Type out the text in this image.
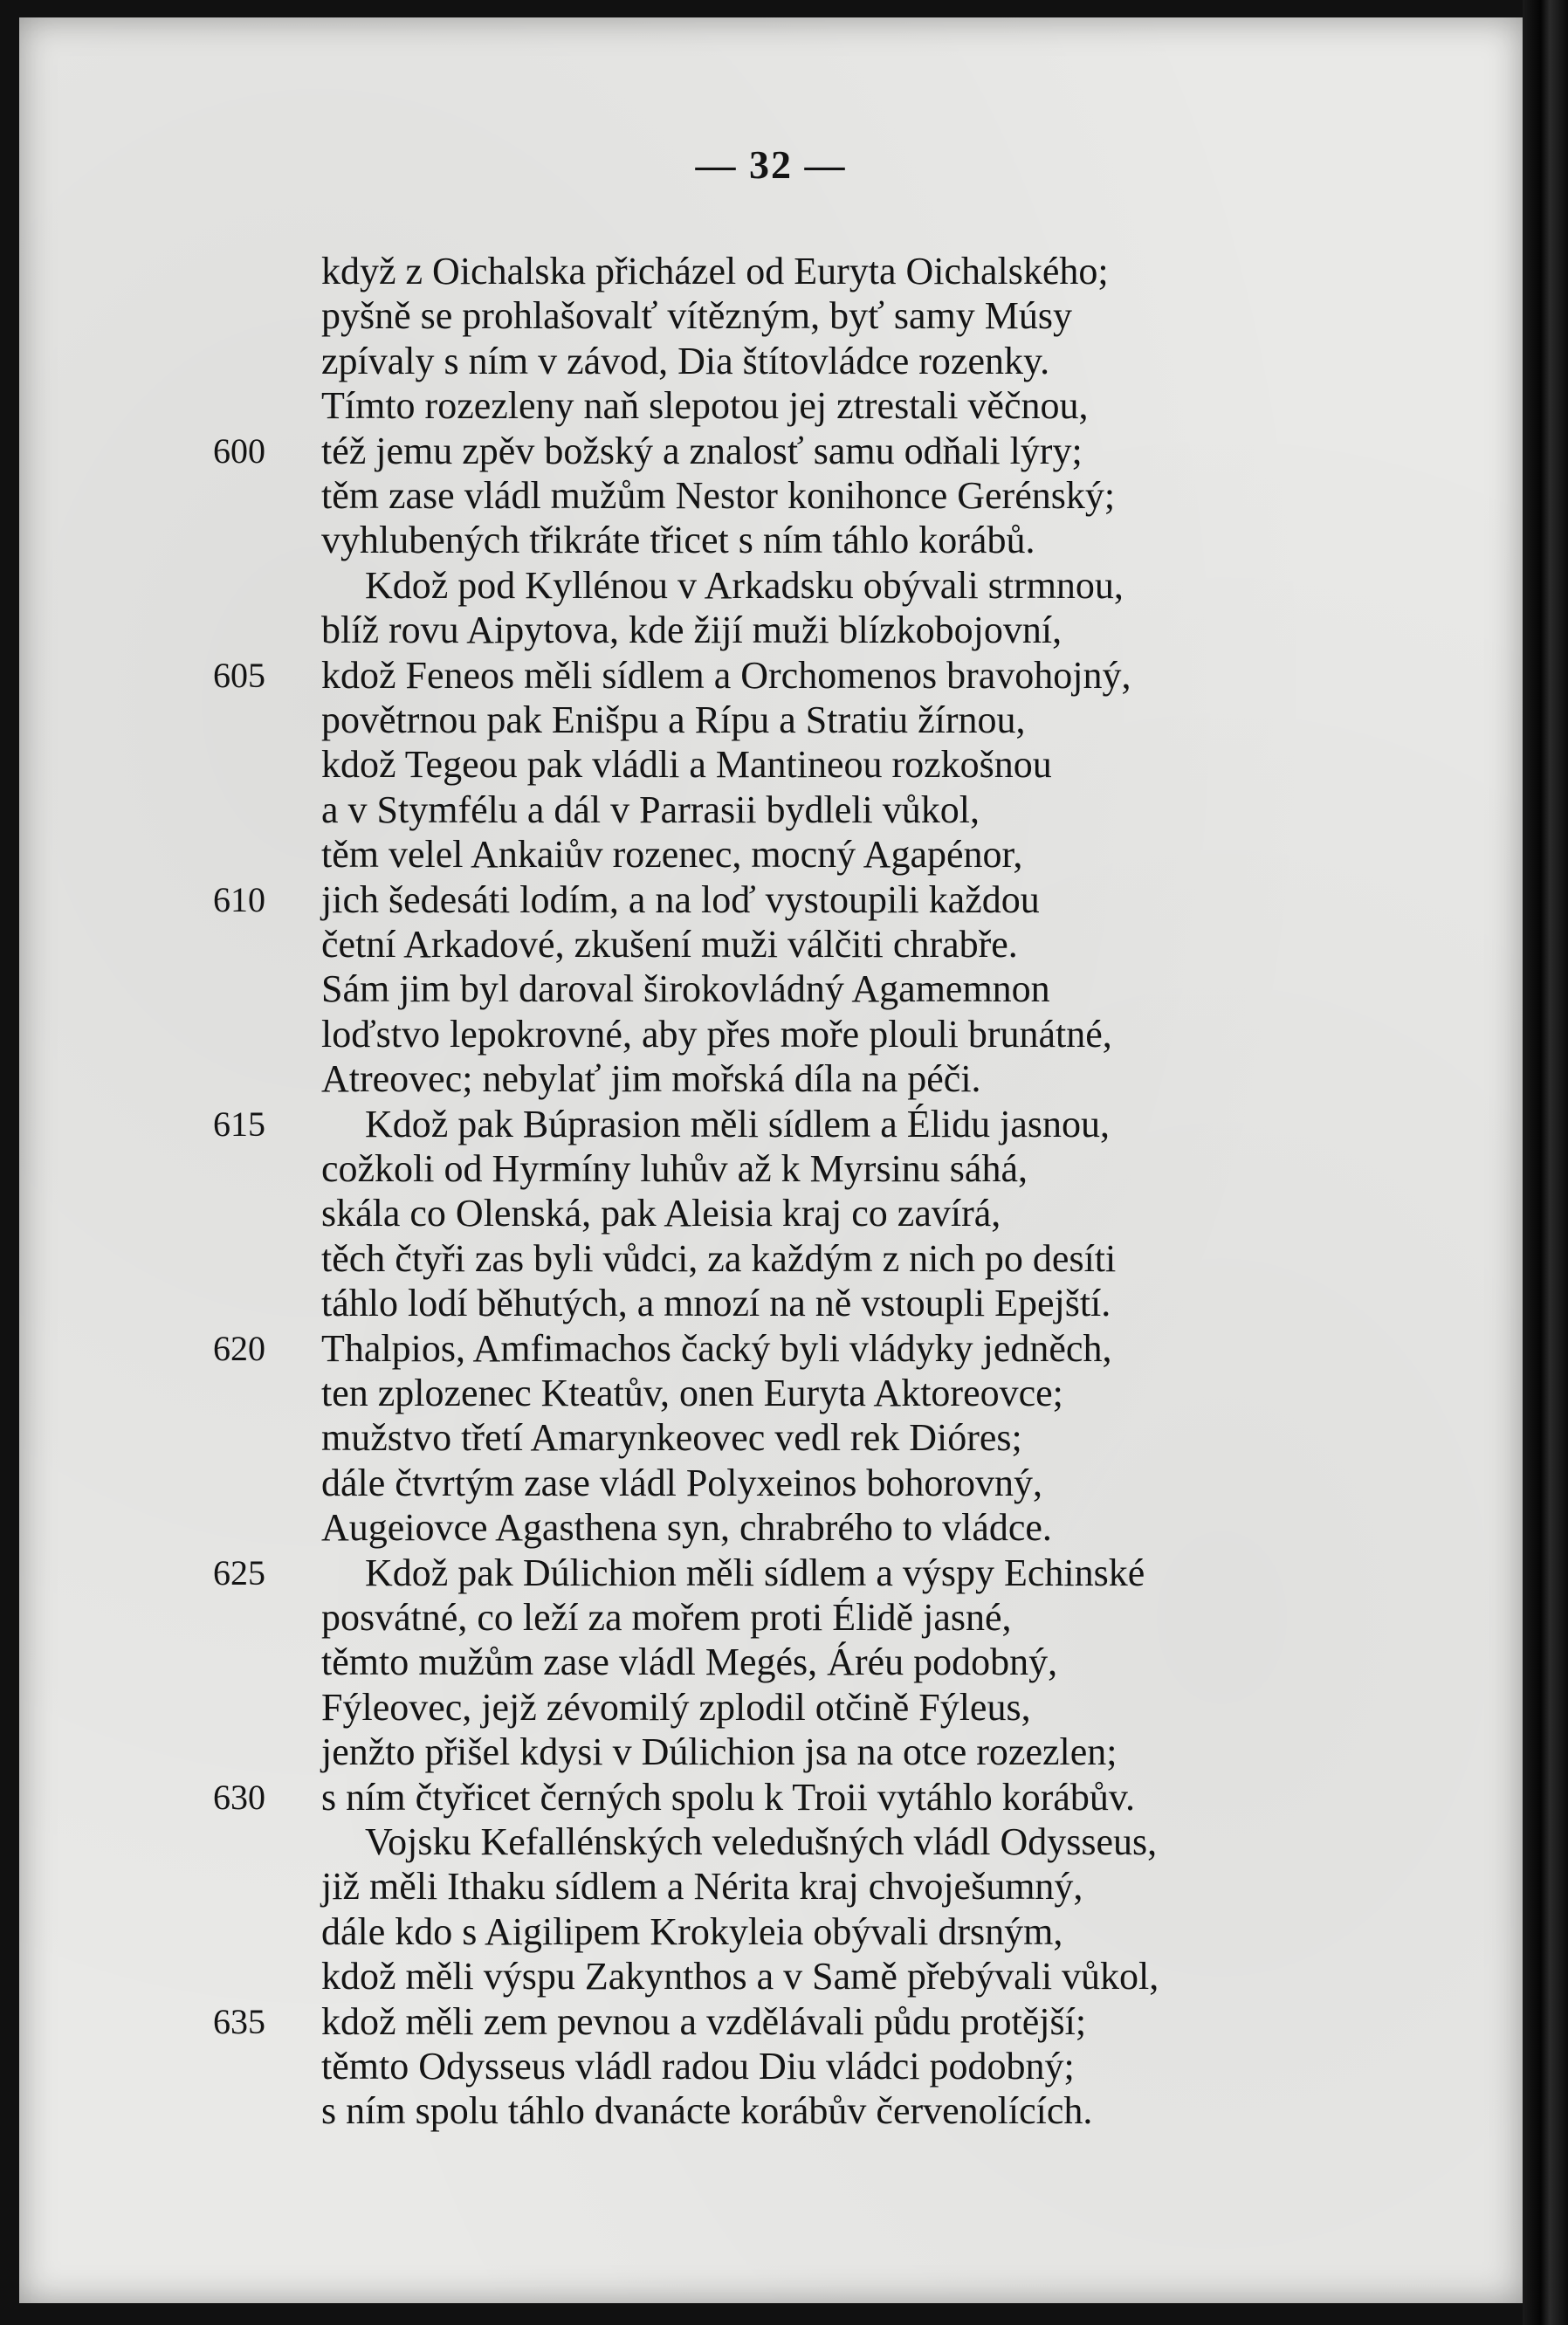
— 32 —
když z Oichalska přicházel od Euryta Oichalského;
pyšně se prohlašovalť vítězným, byť samy Músy
zpívaly s ním v závod, Dia štítovládce rozenky.
Tímto rozezleny naň slepotou jej ztrestali věčnou,
600	též jemu zpěv božský a znalosť samu odňali lýry;
těm zase vládl mužům Nestor konihonce Gerénský;
vyhlubených třikráte třicet s ním táhlo korábů.
Kdož pod Kyllénou v Arkadsku obývali strmnou,
blíž rovu Aipytova, kde žijí muži blízkobojovní,
605	kdož Feneos měli sídlem a Orchomenos bravohojný,
povětrnou pak Enišpu a Rípu a Stratiu žírnou,
kdož Tegeou pak vládli a Mantineou rozkošnou
a v Stymfélu a dál v Parrasii bydleli vůkol,
těm velel Ankaiův rozenec, mocný Agapénor,
610	jich šedesáti lodím, a na loď vystoupili každou
četní Arkadové, zkušení muži válčiti chrabře.
Sám jim byl daroval širokovládný Agamemnon
loďstvo lepokrovné, aby přes moře plouli brunátné,
Atreovec; nebylať jim mořská díla na péči.
615	Kdož pak Búprasion měli sídlem a Élidu jasnou,
cožkoli od Hyrmíny luhův až k Myrsinu sáhá,
skála co Olenská, pak Aleisia kraj co zavírá,
těch čtyři zas byli vůdci, za každým z nich po desíti
táhlo lodí běhutých, a mnozí na ně vstoupli Epejští.
620	Thalpios, Amfimachos čacký byli vládyky jedněch,
ten zplozenec Kteatův, onen Euryta Aktoreovce;
mužstvo třetí Amarynkeovec vedl rek Dióres;
dále čtvrtým zase vládl Polyxeinos bohorovný,
Augeiovce Agasthena syn, chrabrého to vládce.
625	Kdož pak Dúlichion měli sídlem a výspy Echinské
posvátné, co leží za mořem proti Élidě jasné,
těmto mužům zase vládl Megés, Áréu podobný,
Fýleovec, jejž zévomilý zplodil otčině Fýleus,
jenžto přišel kdysi v Dúlichion jsa na otce rozezlen;
630	s ním čtyřicet černých spolu k Troii vytáhlo korábův.
Vojsku Kefallénských veledušných vládl Odysseus,
již měli Ithaku sídlem a Nérita kraj chvoješumný,
dále kdo s Aigilipem Krokyleia obývali drsným,
kdož měli výspu Zakynthos a v Samě přebývali vůkol,
635	kdož měli zem pevnou a vzdělávali půdu protější;
těmto Odysseus vládl radou Diu vládci podobný;
s ním spolu táhlo dvanácte korábův červenolících.
